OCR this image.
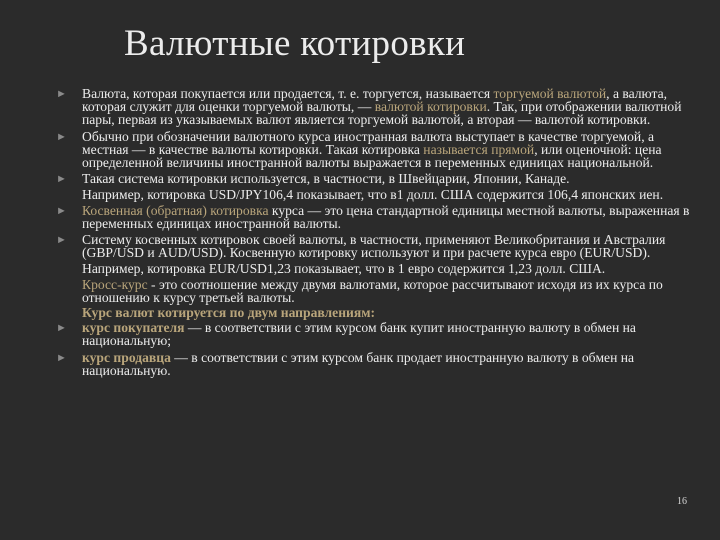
Валютные котировки
► Валюта, которая покупается или продается, т. е. торгуется, называется торгуемой валютой, а валюта, которая служит для оценки торгуемой валюты, — валютой котировки. Так, при отображении валютной пары, первая из указываемых валют является торгуемой валютой, а вторая — валютой котировки.
► Обычно при обозначении валютного курса иностранная валюта выступает в качестве торгуемой, а местная — в качестве валюты котировки. Такая котировка называется прямой, или оценочной: цена определенной величины иностранной валюты выражается в переменных единицах национальной.
► Такая система котировки используется, в частности, в Швейцарии, Японии, Канаде.
Например, котировка USD/JPY106,4 показывает, что в1 долл. США содержится 106,4 японских иен.
► Косвенная (обратная) котировка курса — это цена стандартной единицы местной валюты, выраженная в переменных единицах иностранной валюты.
► Систему косвенных котировок своей валюты, в частности, применяют Великобритания и Австралия (GBP/USD и AUD/USD). Косвенную котировку используют и при расчете курса евро (EUR/USD).
Например, котировка EUR/USD1,23 показывает, что в 1 евро содержится 1,23 долл. США.
Кросс-курс - это соотношение между двумя валютами, которое рассчитывают исходя из их курса по отношению к курсу третьей валюты.
Курс валют котируется по двум направлениям:
► курс покупателя — в соответствии с этим курсом банк купит иностранную валюту в обмен на национальную;
► курс продавца — в соответствии с этим курсом банк продает иностранную валюту в обмен на национальную.
16
